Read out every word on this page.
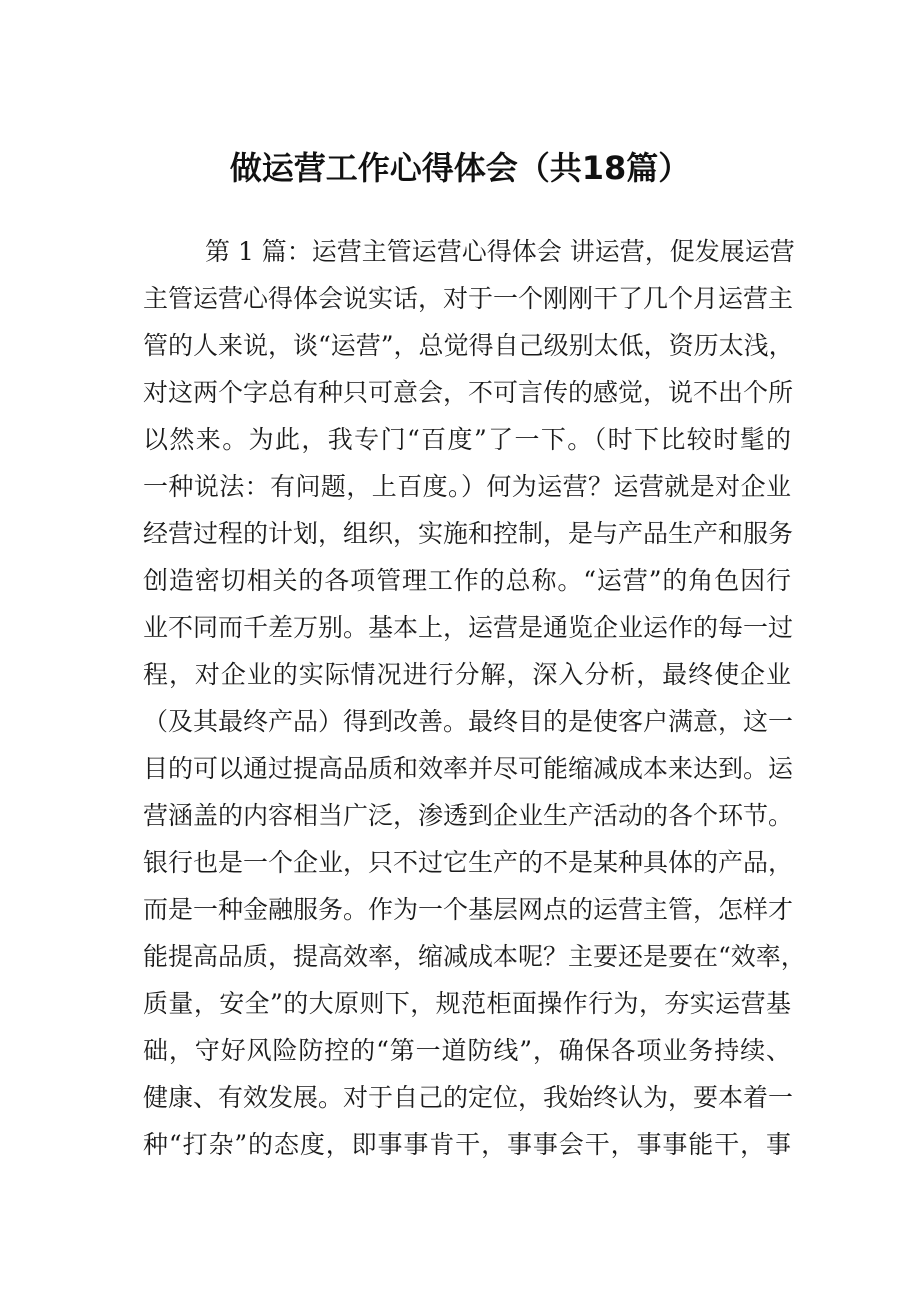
做运营工作心得体会（共18篇）
第 1 篇：运营主管运营心得体会 讲运营，促发展运营
主管运营心得体会说实话，对于一个刚刚干了几个月运营主
管的人来说，谈“运营”，总觉得自己级别太低，资历太浅，
对这两个字总有种只可意会，不可言传的感觉，说不出个所
以然来。为此，我专门“百度”了一下。（时下比较时髦的
一种说法：有问题，上百度。）何为运营？运营就是对企业
经营过程的计划，组织，实施和控制，是与产品生产和服务
创造密切相关的各项管理工作的总称。“运营”的角色因行
业不同而千差万别。基本上，运营是通览企业运作的每一过
程，对企业的实际情况进行分解，深入分析，最终使企业
（及其最终产品）得到改善。最终目的是使客户满意，这一
目的可以通过提高品质和效率并尽可能缩减成本来达到。运
营涵盖的内容相当广泛，渗透到企业生产活动的各个环节。
银行也是一个企业，只不过它生产的不是某种具体的产品，
而是一种金融服务。作为一个基层网点的运营主管，怎样才
能提高品质，提高效率，缩减成本呢？主要还是要在“效率，
质量，安全”的大原则下，规范柜面操作行为，夯实运营基
础，守好风险防控的“第一道防线”，确保各项业务持续、
健康、有效发展。对于自己的定位，我始终认为，要本着一
种“打杂”的态度，即事事肯干，事事会干，事事能干，事
